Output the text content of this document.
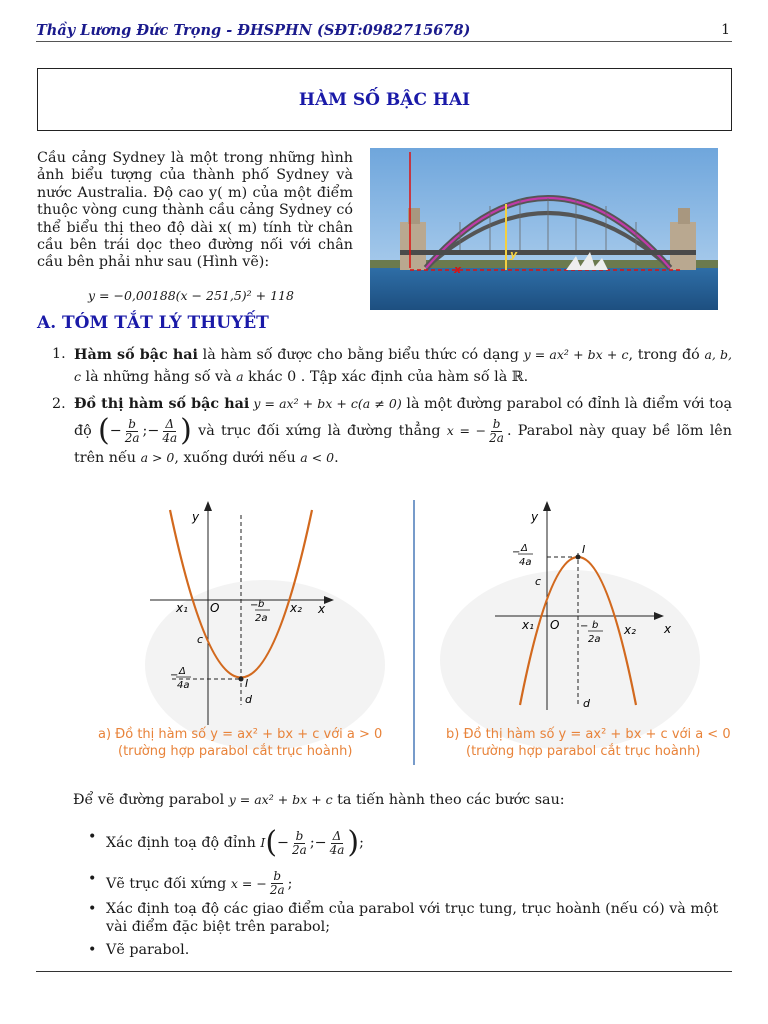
Thầy Lương Đức Trọng - ĐHSPHN (SĐT:0982715678)	1
HÀM SỐ BẬC HAI
Cầu cảng Sydney là một trong những hình ảnh biểu tượng của thành phố Sydney và nước Australia. Độ cao y( m) của một điểm thuộc vòng cung thành cầu cảng Sydney có thể biểu thị theo độ dài x( m) tính từ chân cầu bên trái dọc theo đường nối với chân cầu bên phải như sau (Hình vẽ):	x
y
y = −0,00188(x − 251,5)² + 118
A. TÓM TẮT LÝ THUYẾT
1. Hàm số bậc hai là hàm số được cho bằng biểu thức có dạng y = ax² + bx + c, trong đó a, b, c là những hằng số và a khác 0 . Tập xác định của hàm số là ℝ.
2. Đồ thị hàm số bậc hai y = ax² + bx + c(a ≠ 0) là một đường parabol có đỉnh là điểm với toạ độ (− $\frac{b}{2a}$ ;− $\frac{\Delta}{4a}$ ) và trục đối xứng là đường thẳng x = − $\frac{b}{2a}$ . Parabol này quay bề lõm lên trên nếu a > 0, xuống dưới nếu a < 0.
y
x
O
x₁	x₂
c
I
d
− b
2a
− Δ
4a
a) Đồ thị hàm số y = ax² + bx + c với a > 0
(trường hợp parabol cắt trục hoành)
y
x
O
x₁	x₂
c
I
d
− b
2a
− Δ
4a
b) Đồ thị hàm số y = ax² + bx + c với a < 0
(trường hợp parabol cắt trục hoành)
Để vẽ đường parabol y = ax² + bx + c ta tiến hành theo các bước sau:
• Xác định toạ độ đỉnh $I(- \frac{b}{2a}$ ;− $\frac{\Delta}{4a}$ );
• Vẽ trục đối xứng x = − $\frac{b}{2a}$ ;
• Xác định toạ độ các giao điểm của parabol với trục tung, trục hoành (nếu có) và một vài điểm đặc biệt trên parabol;
• Vẽ parabol.
